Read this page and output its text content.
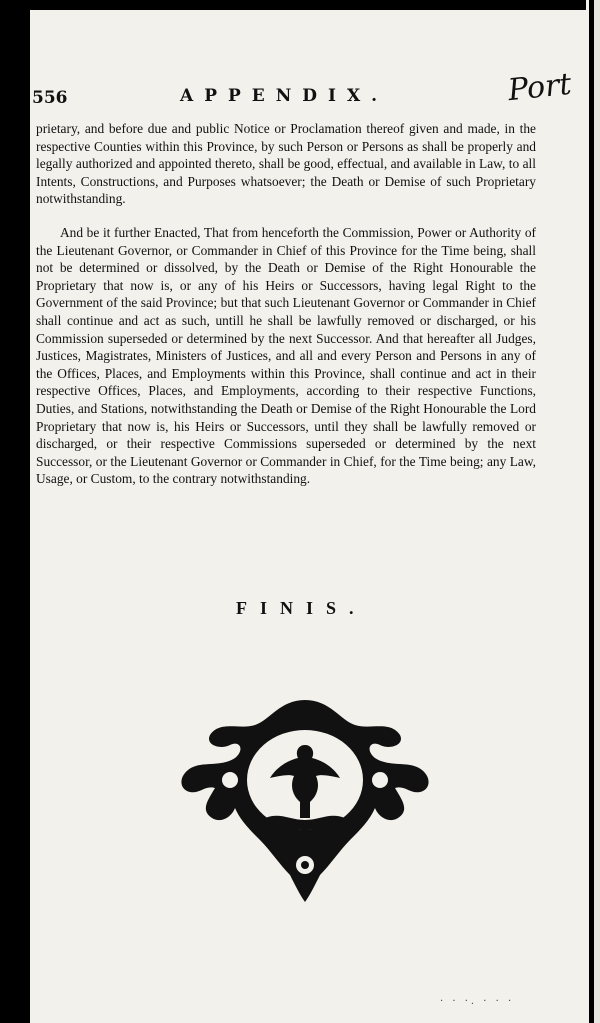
556	APPENDIX.	Port

prietary, and before due and public Notice or Proclamation thereof given and made, in the respective Counties within this Province, by such Person or Persons as shall be properly and legally authorized and appointed thereto, shall be good, effectual, and available in Law, to all Intents, Constructions, and Purposes whatsoever; the Death or Demise of such Proprietary notwithstanding.

And be it further Enacted, That from henceforth the Commission, Power or Authority of the Lieutenant Governor, or Commander in Chief of this Province for the Time being, shall not be determined or dissolved, by the Death or Demise of the Right Honourable the Proprietary that now is, or any of his Heirs or Successors, having legal Right to the Government of the said Province; but that such Lieutenant Governor or Commander in Chief shall continue and act as such, untill he shall be lawfully removed or discharged, or his Commission superseded or determined by the next Successor. And that hereafter all Judges, Justices, Magistrates, Ministers of Justices, and all and every Person and Persons in any of the Offices, Places, and Employments within this Province, shall continue and act in their respective Offices, Places, and Employments, according to their respective Functions, Duties, and Stations, notwithstanding the Death or Demise of the Right Honourable the Lord Proprietary that now is, his Heirs or Successors, until they shall be lawfully removed or discharged, or their respective Commissions superseded or determined by the next Successor, or the Lieutenant Governor or Commander in Chief, for the Time being; any Law, Usage, or Custom, to the contrary notwithstanding.

FINIS.
· · ·. · · ·
